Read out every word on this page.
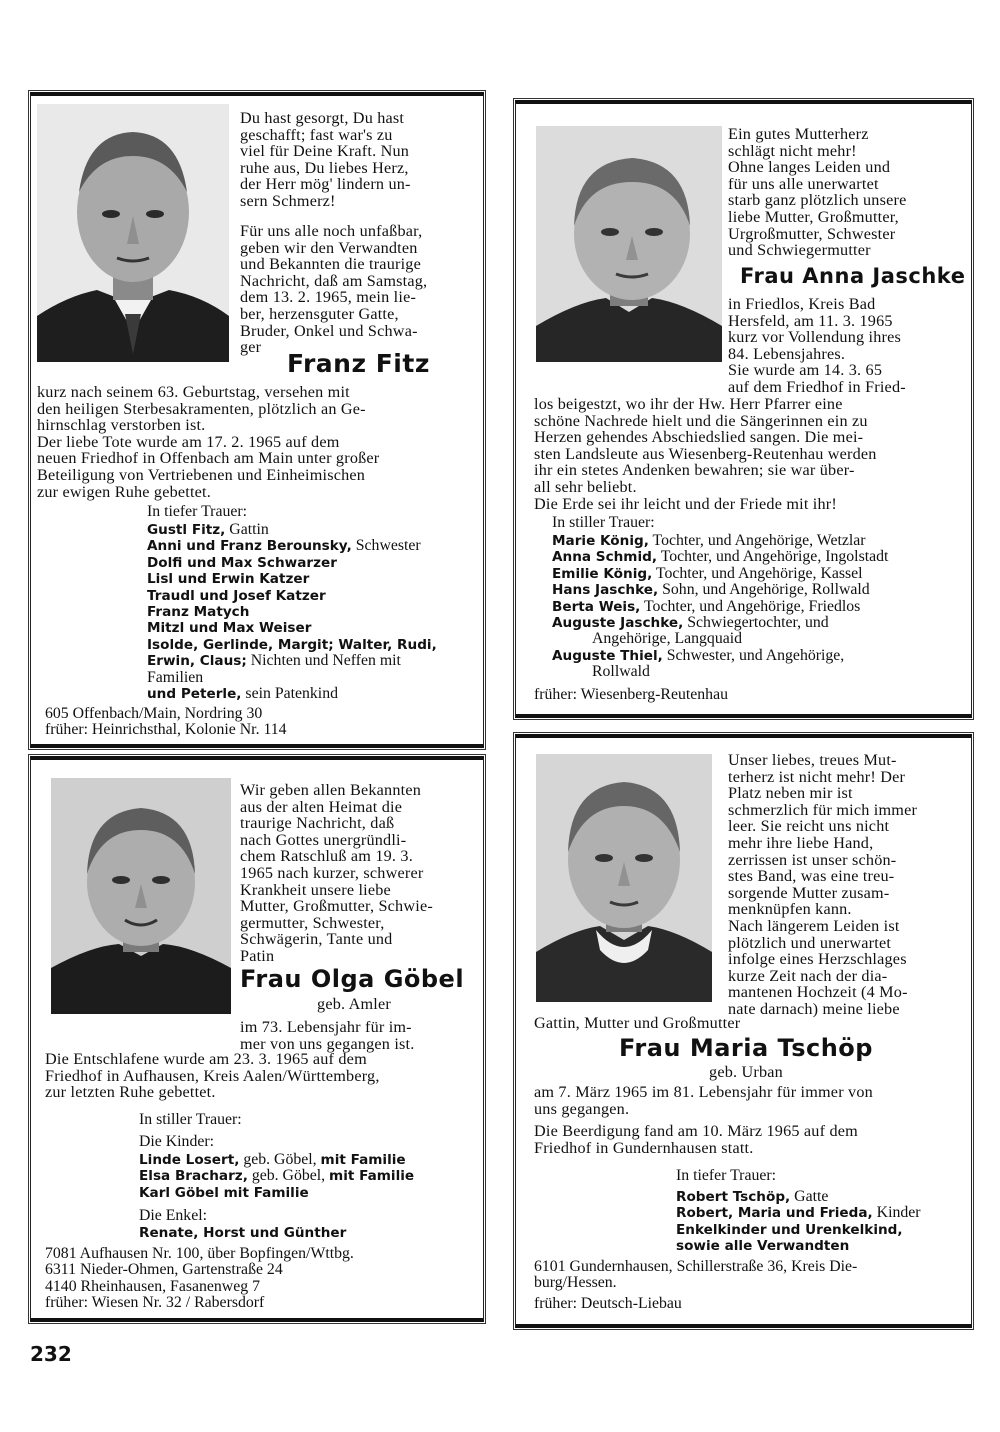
Du hast gesorgt, Du hast
geschafft; fast war's zu
viel für Deine Kraft. Nun
ruhe aus, Du liebes Herz,
der Herr mög' lindern un-
sern Schmerz!
Für uns alle noch unfaßbar,
geben wir den Verwandten
und Bekannten die traurige
Nachricht, daß am Samstag,
dem 13. 2. 1965, mein lie-
ber, herzensguter Gatte,
Bruder, Onkel und Schwa-
ger
Franz Fitz
kurz nach seinem 63. Geburtstag, versehen mit
den heiligen Sterbesakramenten, plötzlich an Ge-
hirnschlag verstorben ist.
Der liebe Tote wurde am 17. 2. 1965 auf dem
neuen Friedhof in Offenbach am Main unter großer
Beteiligung von Vertriebenen und Einheimischen
zur ewigen Ruhe gebettet.
In tiefer Trauer:
Gustl Fitz, Gattin
Anni und Franz Berounsky, Schwester
Dolfi und Max Schwarzer
Lisl und Erwin Katzer
Traudl und Josef Katzer
Franz Matych
Mitzl und Max Weiser
Isolde, Gerlinde, Margit; Walter, Rudi,
Erwin, Claus; Nichten und Neffen mit
Familien
und Peterle, sein Patenkind
605 Offenbach/Main, Nordring 30
früher: Heinrichsthal, Kolonie Nr. 114
Ein gutes Mutterherz
schlägt nicht mehr!
Ohne langes Leiden und
für uns alle unerwartet
starb ganz plötzlich unsere
liebe Mutter, Großmutter,
Urgroßmutter, Schwester
und Schwiegermutter
Frau Anna Jaschke
in Friedlos, Kreis Bad
Hersfeld, am 11. 3. 1965
kurz vor Vollendung ihres
84. Lebensjahres.
Sie wurde am 14. 3. 65
auf dem Friedhof in Fried-
los beigestzt, wo ihr der Hw. Herr Pfarrer eine
schöne Nachrede hielt und die Sängerinnen ein zu
Herzen gehendes Abschiedslied sangen. Die mei-
sten Landsleute aus Wiesenberg-Reutenhau werden
ihr ein stetes Andenken bewahren; sie war über-
all sehr beliebt.
Die Erde sei ihr leicht und der Friede mit ihr!
In stiller Trauer:
Marie König, Tochter, und Angehörige, Wetzlar
Anna Schmid, Tochter, und Angehörige, Ingolstadt
Emilie König, Tochter, und Angehörige, Kassel
Hans Jaschke, Sohn, und Angehörige, Rollwald
Berta Weis, Tochter, und Angehörige, Friedlos
Auguste Jaschke, Schwiegertochter, und
Angehörige, Langquaid
Auguste Thiel, Schwester, und Angehörige,
Rollwald
früher: Wiesenberg-Reutenhau
Wir geben allen Bekannten
aus der alten Heimat die
traurige Nachricht, daß
nach Gottes unergründli-
chem Ratschluß am 19. 3.
1965 nach kurzer, schwerer
Krankheit unsere liebe
Mutter, Großmutter, Schwie-
germutter, Schwester,
Schwägerin, Tante und
Patin
Frau Olga Göbel
geb. Amler
im 73. Lebensjahr für im-
mer von uns gegangen ist.
Die Entschlafene wurde am 23. 3. 1965 auf dem
Friedhof in Aufhausen, Kreis Aalen/Württemberg,
zur letzten Ruhe gebettet.
In stiller Trauer:
Die Kinder:
Linde Losert, geb. Göbel, mit Familie
Elsa Bracharz, geb. Göbel, mit Familie
Karl Göbel mit Familie
Die Enkel:
Renate, Horst und Günther
7081 Aufhausen Nr. 100, über Bopfingen/Wttbg.
6311 Nieder-Ohmen, Gartenstraße 24
4140 Rheinhausen, Fasanenweg 7
früher: Wiesen Nr. 32 / Rabersdorf
Unser liebes, treues Mut-
terherz ist nicht mehr! Der
Platz neben mir ist
schmerzlich für mich immer
leer. Sie reicht uns nicht
mehr ihre liebe Hand,
zerrissen ist unser schön-
stes Band, was eine treu-
sorgende Mutter zusam-
menknüpfen kann.
Nach längerem Leiden ist
plötzlich und unerwartet
infolge eines Herzschlages
kurze Zeit nach der dia-
mantenen Hochzeit (4 Mo-
nate darnach) meine liebe
Gattin, Mutter und Großmutter
Frau Maria Tschöp
geb. Urban
am 7. März 1965 im 81. Lebensjahr für immer von
uns gegangen.
Die Beerdigung fand am 10. März 1965 auf dem
Friedhof in Gundernhausen statt.
In tiefer Trauer:
Robert Tschöp, Gatte
Robert, Maria und Frieda, Kinder
Enkelkinder und Urenkelkind,
sowie alle Verwandten
6101 Gundernhausen, Schillerstraße 36, Kreis Die-
burg/Hessen.
früher: Deutsch-Liebau
232
